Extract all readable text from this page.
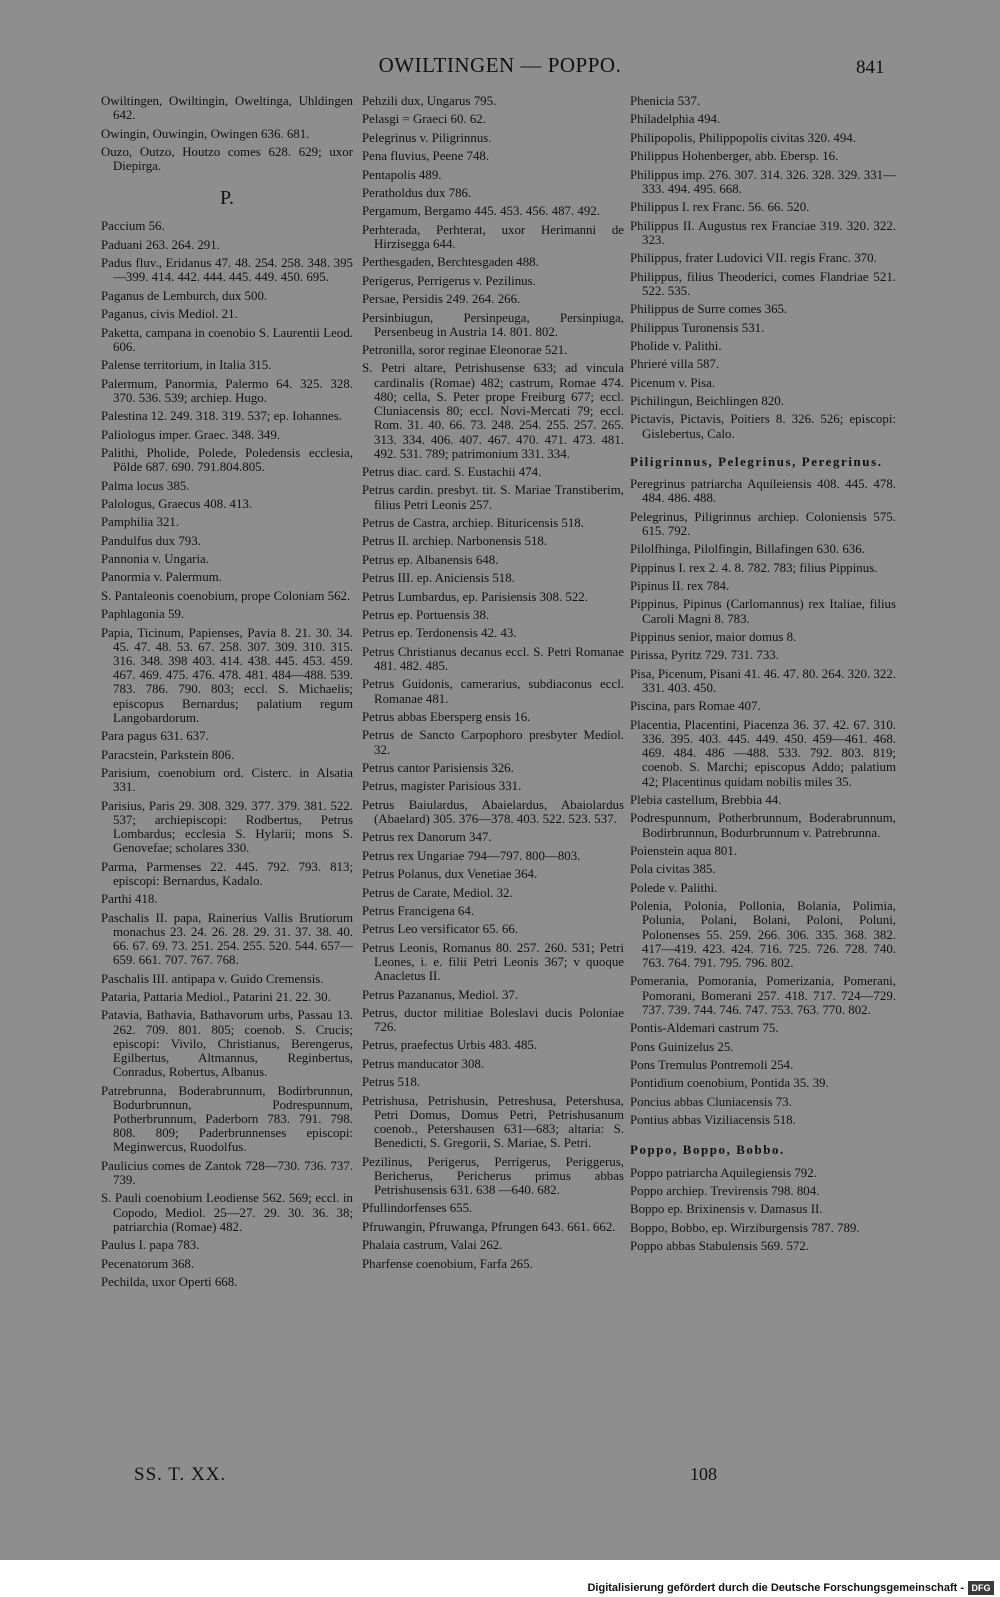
OWILTINGEN — POPPO.	841
Owiltingen, Owiltingin, Oweltinga, Uhldingen 642.
Owingin, Ouwingin, Owingen 636. 681.
Ouzo, Outzo, Houtzo comes 628. 629; uxor Diepirga.
P.
Paccium 56.
Paduani 263. 264. 291.
Padus fluv., Eridanus 47. 48. 254. 258. 348. 395—399. 414. 442. 444. 445. 449. 450. 695.
Paganus de Lemburch, dux 500.
Paganus, civis Mediol. 21.
Paketta, campana in coenobio S. Laurentii Leod. 606.
Palense territorium, in Italia 315.
Palermum, Panormia, Palermo 64. 325. 328. 370. 536. 539; archiep. Hugo.
Palestina 12. 249. 318. 319. 537; ep. Iohannes.
Paliologus imper. Graec. 348. 349.
Palithi, Pholide, Polede, Poledensis ecclesia, Pölde 687. 690. 791.804.805.
Palma locus 385.
Palologus, Graecus 408. 413.
Pamphilia 321.
Pandulfus dux 793.
Pannonia v. Ungaria.
Panormia v. Palermum.
S. Pantaleonis coenobium, prope Coloniam 562.
Paphlagonia 59.
Papia, Ticinum, Papienses, Pavia 8. 21. 30. 34. 45. 47. 48. 53. 67. 258. 307. 309. 310. 315. 316. 348. 398 403. 414. 438. 445. 453. 459. 467. 469. 475. 476. 478. 481. 484—488. 539. 783. 786. 790. 803; eccl. S. Michaelis; episcopus Bernardus; palatium regum Langobardorum.
Para pagus 631. 637.
Paracstein, Parkstein 806.
Parisium, coenobium ord. Cisterc. in Alsatia 331.
Parisius, Paris 29. 308. 329. 377. 379. 381. 522. 537; archiepiscopi: Rodbertus, Petrus Lombardus; ecclesia S. Hylarii; mons S. Genovefae; scholares 330.
Parma, Parmenses 22. 445. 792. 793. 813; episcopi: Bernardus, Kadalo.
Parthi 418.
Paschalis II. papa, Rainerius Vallis Brutiorum monachus 23. 24. 26. 28. 29. 31. 37. 38. 40. 66. 67. 69. 73. 251. 254. 255. 520. 544. 657—659. 661. 707. 767. 768.
Paschalis III. antipapa v. Guido Cremensis.
Pataria, Pattaria Mediol., Patarini 21. 22. 30.
Patavia, Bathavia, Bathavorum urbs, Passau 13. 262. 709. 801. 805; coenob. S. Crucis; episcopi: Vivilo, Christianus, Berengerus, Egilbertus, Altmannus, Reginbertus, Conradus, Robertus, Albanus.
Patrebrunna, Boderabrunnum, Bodirbrunnun, Bodurbrunnun, Podrespunnum, Potherbrunnum, Paderborn 783. 791. 798. 808. 809; Paderbrunnenses episcopi: Meginwercus, Ruodolfus.
Paulicius comes de Zantok 728—730. 736. 737. 739.
S. Pauli coenobium Leodiense 562. 569; eccl. in Copodo, Mediol. 25—27. 29. 30. 36. 38; patriarchia (Romae) 482.
Paulus I. papa 783.
Pecenatorum 368.
Pechilda, uxor Operti 668.
Pehzili dux, Ungarus 795.
Pelasgi = Graeci 60. 62.
Pelegrinus v. Piligrinnus.
Pena fluvius, Peene 748.
Pentapolis 489.
Peratholdus dux 786.
Pergamum, Bergamo 445. 453. 456. 487. 492.
Perhterada, Perhterat, uxor Herimanni de Hirzisegga 644.
Perthesgaden, Berchtesgaden 488.
Perigerus, Perrigerus v. Pezilinus.
Persae, Persidis 249. 264. 266.
Persinbiugun, Persinpeuga, Persinpiuga, Persenbeug in Austria 14. 801. 802.
Petronilla, soror reginae Eleonorae 521.
S. Petri altare, Petrishusense 633; ad vincula cardinalis (Romae) 482; castrum, Romae 474. 480; cella, S. Peter prope Freiburg 677; eccl. Cluniacensis 80; eccl. Novi-Mercati 79; eccl. Rom. 31. 40. 66. 73. 248. 254. 255. 257. 265. 313. 334. 406. 407. 467. 470. 471. 473. 481. 492. 531. 789; patrimonium 331. 334.
Petrus diac. card. S. Eustachii 474.
Petrus cardin. presbyt. tit. S. Mariae Transtiberim, filius Petri Leonis 257.
Petrus de Castra, archiep. Bituricensis 518.
Petrus II. archiep. Narbonensis 518.
Petrus ep. Albanensis 648.
Petrus III. ep. Aniciensis 518.
Petrus Lumbardus, ep. Parisiensis 308. 522.
Petrus ep. Portuensis 38.
Petrus ep. Terdonensis 42. 43.
Petrus Christianus decanus eccl. S. Petri Romanae 481. 482. 485.
Petrus Guidonis, camerarius, subdiaconus eccl. Romanae 481.
Petrus abbas Ebersperg ensis 16.
Petrus de Sancto Carpophoro presbyter Mediol. 32.
Petrus cantor Parisiensis 326.
Petrus, magister Parisious 331.
Petrus Baiulardus, Abaielardus, Abaiolardus (Abaelard) 305. 376—378. 403. 522. 523. 537.
Petrus rex Danorum 347.
Petrus rex Ungariae 794—797. 800—803.
Petrus Polanus, dux Venetiae 364.
Petrus de Carate, Mediol. 32.
Petrus Francigena 64.
Petrus Leo versificator 65. 66.
Petrus Leonis, Romanus 80. 257. 260. 531; Petri Leones, i. e. filii Petri Leonis 367; v quoque Anacletus II.
Petrus Pazananus, Mediol. 37.
Petrus, ductor militiae Boleslavi ducis Poloniae 726.
Petrus, praefectus Urbis 483. 485.
Petrus manducator 308.
Petrus 518.
Petrishusa, Petrishusin, Petreshusa, Petershusa, Petri Domus, Domus Petri, Petrishusanum coenob., Petershausen 631—683; altaria: S. Benedicti, S. Gregorii, S. Mariae, S. Petri.
Pezilinus, Perigerus, Perrigerus, Periggerus, Bericherus, Pericherus primus abbas Petrishusensis 631. 638 —640. 682.
Pfullindorfenses 655.
Pfruwangin, Pfruwanga, Pfrungen 643. 661. 662.
Phalaia castrum, Valai 262.
Pharfense coenobium, Farfa 265.
Phenicia 537.
Philadelphia 494.
Philipopolis, Philippopolis civitas 320. 494.
Philippus Hohenberger, abb. Ebersp. 16.
Philippus imp. 276. 307. 314. 326. 328. 329. 331—333. 494. 495. 668.
Philippus I. rex Franc. 56. 66. 520.
Philippus II. Augustus rex Franciae 319. 320. 322. 323.
Philippus, frater Ludovici VII. regis Franc. 370.
Philippus, filius Theoderici, comes Flandriae 521. 522. 535.
Philippus de Surre comes 365.
Philippus Turonensis 531.
Pholide v. Palithi.
Phrieré villa 587.
Picenum v. Pisa.
Pichilingun, Beichlingen 820.
Pictavis, Pictavis, Poitiers 8. 326. 526; episcopi: Gislebertus, Calo.
Piligrinnus, Pelegrinus, Peregrinus.
Peregrinus patriarcha Aquileiensis 408. 445. 478. 484. 486. 488.
Pelegrinus, Piligrinnus archiep. Coloniensis 575. 615. 792.
Pilolfhinga, Pilolfingin, Billafingen 630. 636.
Pippinus I. rex 2. 4. 8. 782. 783; filius Pippinus.
Pipinus II. rex 784.
Pippinus, Pipinus (Carlomannus) rex Italiae, filius Caroli Magni 8. 783.
Pippinus senior, maior domus 8.
Pirissa, Pyritz 729. 731. 733.
Pisa, Picenum, Pisani 41. 46. 47. 80. 264. 320. 322. 331. 403. 450.
Piscina, pars Romae 407.
Placentia, Placentini, Piacenza 36. 37. 42. 67. 310. 336. 395. 403. 445. 449. 450. 459—461. 468. 469. 484. 486 —488. 533. 792. 803. 819; coenob. S. Marchi; episcopus Addo; palatium 42; Placentinus quidam nobilis miles 35.
Plebia castellum, Brebbia 44.
Podrespunnum, Potherbrunnum, Boderabrunnum, Bodirbrunnun, Bodurbrunnum v. Patrebrunna.
Poienstein aqua 801.
Pola civitas 385.
Polede v. Palithi.
Polenia, Polonia, Pollonia, Bolania, Polimia, Polunia, Polani, Bolani, Poloni, Poluni, Polonenses 55. 259. 266. 306. 335. 368. 382. 417—419. 423. 424. 716. 725. 726. 728. 740. 763. 764. 791. 795. 796. 802.
Pomerania, Pomorania, Pomerizania, Pomerani, Pomorani, Bomerani 257. 418. 717. 724—729. 737. 739. 744. 746. 747. 753. 763. 770. 802.
Pontis-Aldemari castrum 75.
Pons Guinizelus 25.
Pons Tremulus Pontremoli 254.
Pontidium coenobium, Pontida 35. 39.
Poncius abbas Cluniacensis 73.
Pontius abbas Viziliacensis 518.
Poppo, Boppo, Bobbo.
Poppo patriarcha Aquilegiensis 792.
Poppo archiep. Trevirensis 798. 804.
Boppo ep. Brixinensis v. Damasus II.
Boppo, Bobbo, ep. Wirziburgensis 787. 789.
Poppo abbas Stabulensis 569. 572.
SS. T. XX.	108
Digitalisierung gefördert durch die Deutsche Forschungsgemeinschaft - DFG
